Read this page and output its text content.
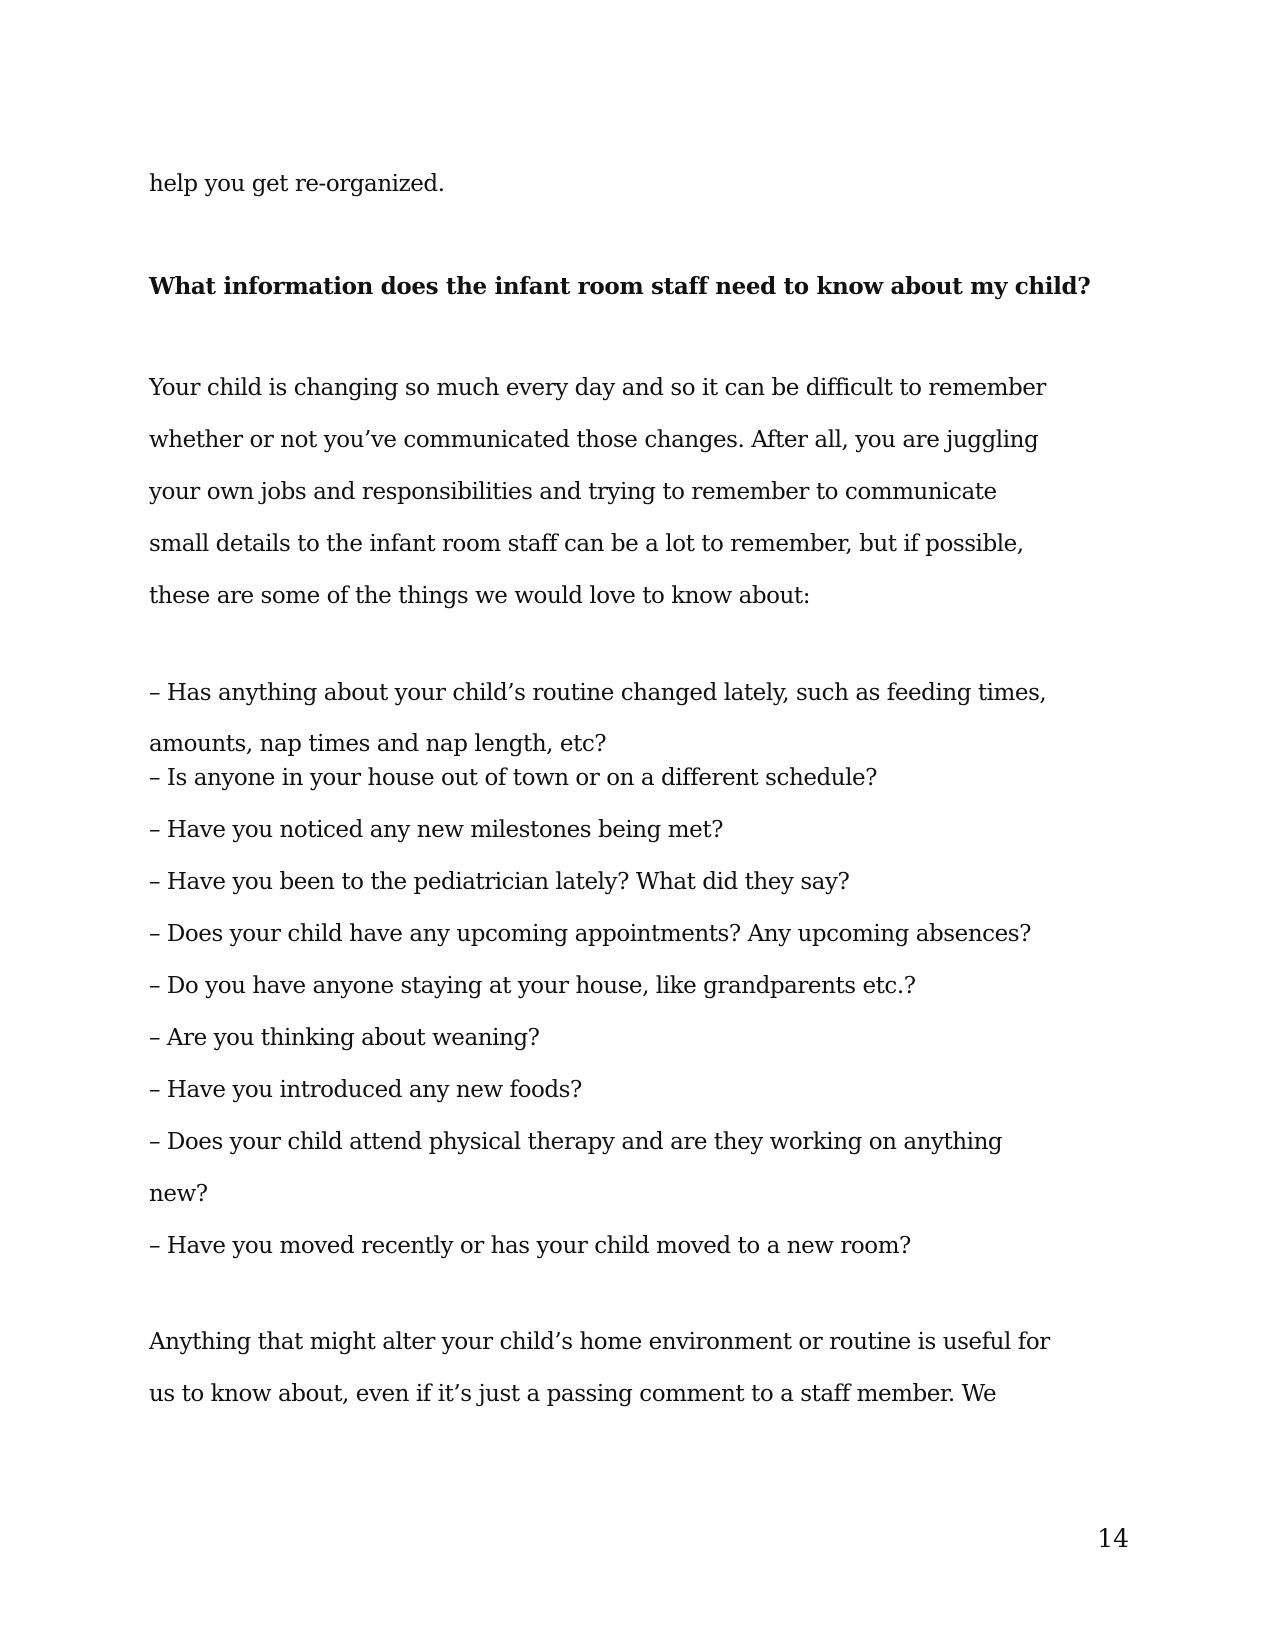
help you get re-organized.

What information does the infant room staff need to know about my child?

Your child is changing so much every day and so it can be difficult to remember

whether or not you’ve communicated those changes. After all, you are juggling

your own jobs and responsibilities and trying to remember to communicate

small details to the infant room staff can be a lot to remember, but if possible,

these are some of the things we would love to know about:

– Has anything about your child’s routine changed lately, such as feeding times,

amounts, nap times and nap length, etc?

– Is anyone in your house out of town or on a different schedule?

– Have you noticed any new milestones being met?

– Have you been to the pediatrician lately? What did they say?

– Does your child have any upcoming appointments? Any upcoming absences?

– Do you have anyone staying at your house, like grandparents etc.?

– Are you thinking about weaning?

– Have you introduced any new foods?

– Does your child attend physical therapy and are they working on anything

new?

– Have you moved recently or has your child moved to a new room?

Anything that might alter your child’s home environment or routine is useful for

us to know about, even if it’s just a passing comment to a staff member. We

14
